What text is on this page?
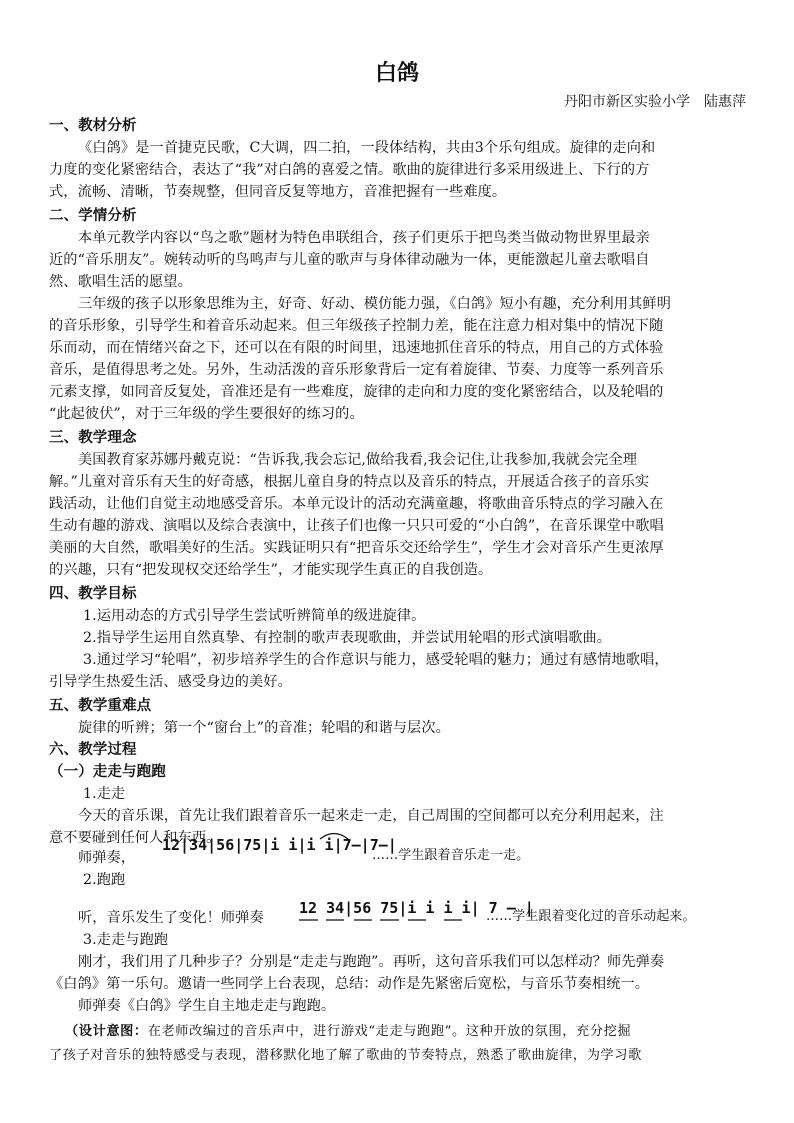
白鸽
丹阳市新区实验小学　陆惠萍
一、教材分析
《白鸽》是一首捷克民歌，C大调，四二拍，一段体结构，共由3个乐句组成。旋律的走向和
力度的变化紧密结合，表达了“我”对白鸽的喜爱之情。歌曲的旋律进行多采用级进上、下行的方
式，流畅、清晰，节奏规整，但同音反复等地方，音准把握有一些难度。
二、学情分析
本单元教学内容以“鸟之歌”题材为特色串联组合，孩子们更乐于把鸟类当做动物世界里最亲
近的“音乐朋友”。婉转动听的鸟鸣声与儿童的歌声与身体律动融为一体，更能激起儿童去歌唱自
然、歌唱生活的愿望。
三年级的孩子以形象思维为主，好奇、好动、模仿能力强，《白鸽》短小有趣，充分利用其鲜明
的音乐形象，引导学生和着音乐动起来。但三年级孩子控制力差，能在注意力相对集中的情况下随
乐而动，而在情绪兴奋之下，还可以在有限的时间里，迅速地抓住音乐的特点，用自己的方式体验
音乐，是值得思考之处。另外，生动活泼的音乐形象背后一定有着旋律、节奏、力度等一系列音乐
元素支撑，如同音反复处，音准还是有一些难度，旋律的走向和力度的变化紧密结合，以及轮唱的
“此起彼伏”，对于三年级的学生要很好的练习的。
三、教学理念
美国教育家苏娜丹戴克说：“告诉我,我会忘记,做给我看,我会记住,让我参加,我就会完全理
解。”儿童对音乐有天生的好奇感，根据儿童自身的特点以及音乐的特点，开展适合孩子的音乐实
践活动，让他们自觉主动地感受音乐。本单元设计的活动充满童趣，将歌曲音乐特点的学习融入在
生动有趣的游戏、演唱以及综合表演中，让孩子们也像一只只可爱的“小白鸽”，在音乐课堂中歌唱
美丽的大自然，歌唱美好的生活。实践证明只有“把音乐交还给学生”，学生才会对音乐产生更浓厚
的兴趣，只有“把发现权交还给学生”，才能实现学生真正的自我创造。
四、教学目标
1.运用动态的方式引导学生尝试听辨简单的级进旋律。
2.指导学生运用自然真挚、有控制的歌声表现歌曲，并尝试用轮唱的形式演唱歌曲。
3.通过学习“轮唱”，初步培养学生的合作意识与能力，感受轮唱的魅力；通过有感情地歌唱，
引导学生热爱生活、感受身边的美好。
五、教学重难点
旋律的听辨；第一个“窗台上”的音准；轮唱的和谐与层次。
六、教学过程
（一）走走与跑跑
1.走走
今天的音乐课，首先让我们跟着音乐一起来走一走，自己周围的空间都可以充分利用起来，注
意不要碰到任何人和东西。
师弹奏，
12|34|56|75|i i|i i|7—|7—|
……学生跟着音乐走一走。
2.跑跑
听，音乐发生了变化！师弹奏
12 34|56 75|i i i i| 7 — |
……学生跟着变化过的音乐动起来。
3.走走与跑跑
刚才，我们用了几种步子？分别是“走走与跑跑”。再听，这句音乐我们可以怎样动？师先弹奏
《白鸽》第一乐句。邀请一些同学上台表现，总结：动作是先紧密后宽松，与音乐节奏相统一。
师弹奏《白鸽》学生自主地走走与跑跑。
（设计意图：在老师改编过的音乐声中，进行游戏“走走与跑跑”。这种开放的氛围，充分挖掘
了孩子对音乐的独特感受与表现，潜移默化地了解了歌曲的节奏特点，熟悉了歌曲旋律，为学习歌
